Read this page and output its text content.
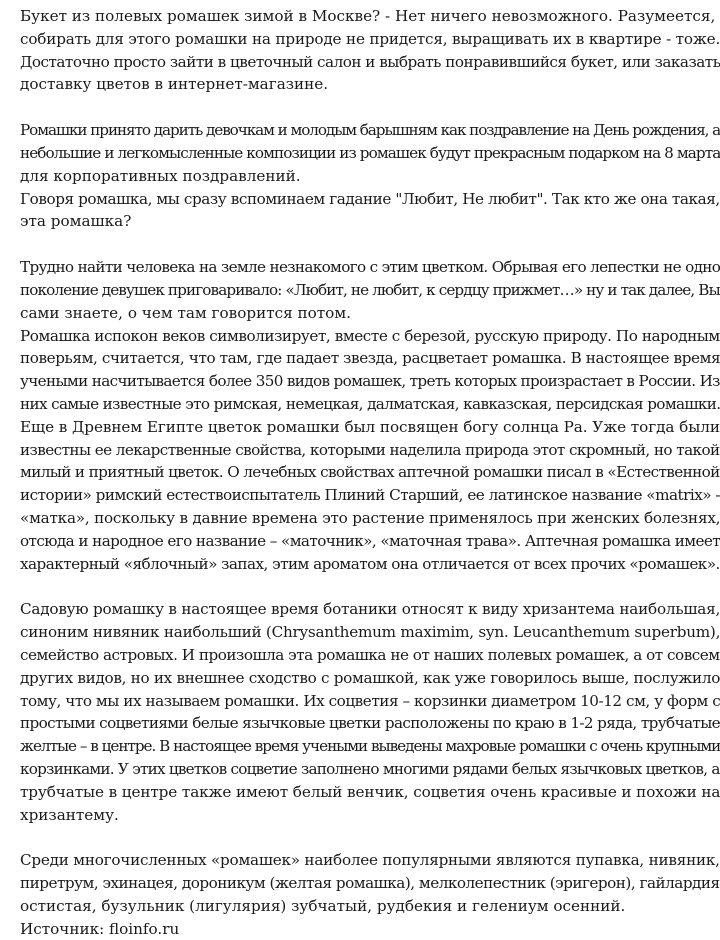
Букет из полевых ромашек зимой в Москве? - Нет ничего невозможного. Разумеется,
собирать для этого ромашки на природе не придется, выращивать их в квартире - тоже.
Достаточно просто зайти в цветочный салон и выбрать понравившийся букет, или заказать
доставку цветов в интернет-магазине.

Ромашки принято дарить девочкам и молодым барышням как поздравление на День рождения, а
небольшие и легкомысленные композиции из ромашек будут прекрасным подарком на 8 марта
для корпоративных поздравлений.

Говоря ромашка, мы сразу вспоминаем гадание "Любит, Не любит". Так кто же она такая,
эта ромашка?

Трудно найти человека на земле незнакомого с этим цветком. Обрывая его лепестки не одно
поколение девушек приговаривало: «Любит, не любит, к сердцу прижмет…» ну и так далее, Вы
сами знаете, о чем там говорится потом.

Ромашка испокон веков символизирует, вместе с березой, русскую природу. По народным
поверьям, считается, что там, где падает звезда, расцветает ромашка. В настоящее время
учеными насчитывается более 350 видов ромашек, треть которых произрастает в России. Из
них самые известные это римская, немецкая, далматская, кавказская, персидская ромашки.

Еще в Древнем Египте цветок ромашки был посвящен богу солнца Ра. Уже тогда были
известны ее лекарственные свойства, которыми наделила природа этот скромный, но такой
милый и приятный цветок. О лечебных свойствах аптечной ромашки писал в «Естественной
истории» римский естествоиспытатель Плиний Старший, ее латинское название «matrix» -
«матка», поскольку в давние времена это растение применялось при женских болезнях,
отсюда и народное его название – «маточник», «маточная трава». Аптечная ромашка имеет
характерный «яблочный» запах, этим ароматом она отличается от всех прочих «ромашек».

Садовую ромашку в настоящее время ботаники относят к виду хризантема наибольшая,
синоним нивяник наибольший (Chrysanthemum maximim, syn. Leucanthemum superbum),
семейство астровых. И произошла эта ромашка не от наших полевых ромашек, а от совсем
других видов, но их внешнее сходство с ромашкой, как уже говорилось выше, послужило
тому, что мы их называем ромашки. Их соцветия – корзинки диаметром 10-12 см, у форм с
простыми соцветиями белые язычковые цветки расположены по краю в 1-2 ряда, трубчатые
желтые – в центре. В настоящее время учеными выведены махровые ромашки с очень крупными
корзинками. У этих цветков соцветие заполнено многими рядами белых язычковых цветков, а
трубчатые в центре также имеют белый венчик, соцветия очень красивые и похожи на
хризантему.

Среди многочисленных «ромашек» наиболее популярными являются пупавка, нивяник,
пиретрум, эхинацея, дороникум (желтая ромашка), мелколепестник (эригерон), гайлардия
остистая, бузульник (лигулярия) зубчатый, рудбекия и гелениум осенний.

Источник: floinfo.ru
